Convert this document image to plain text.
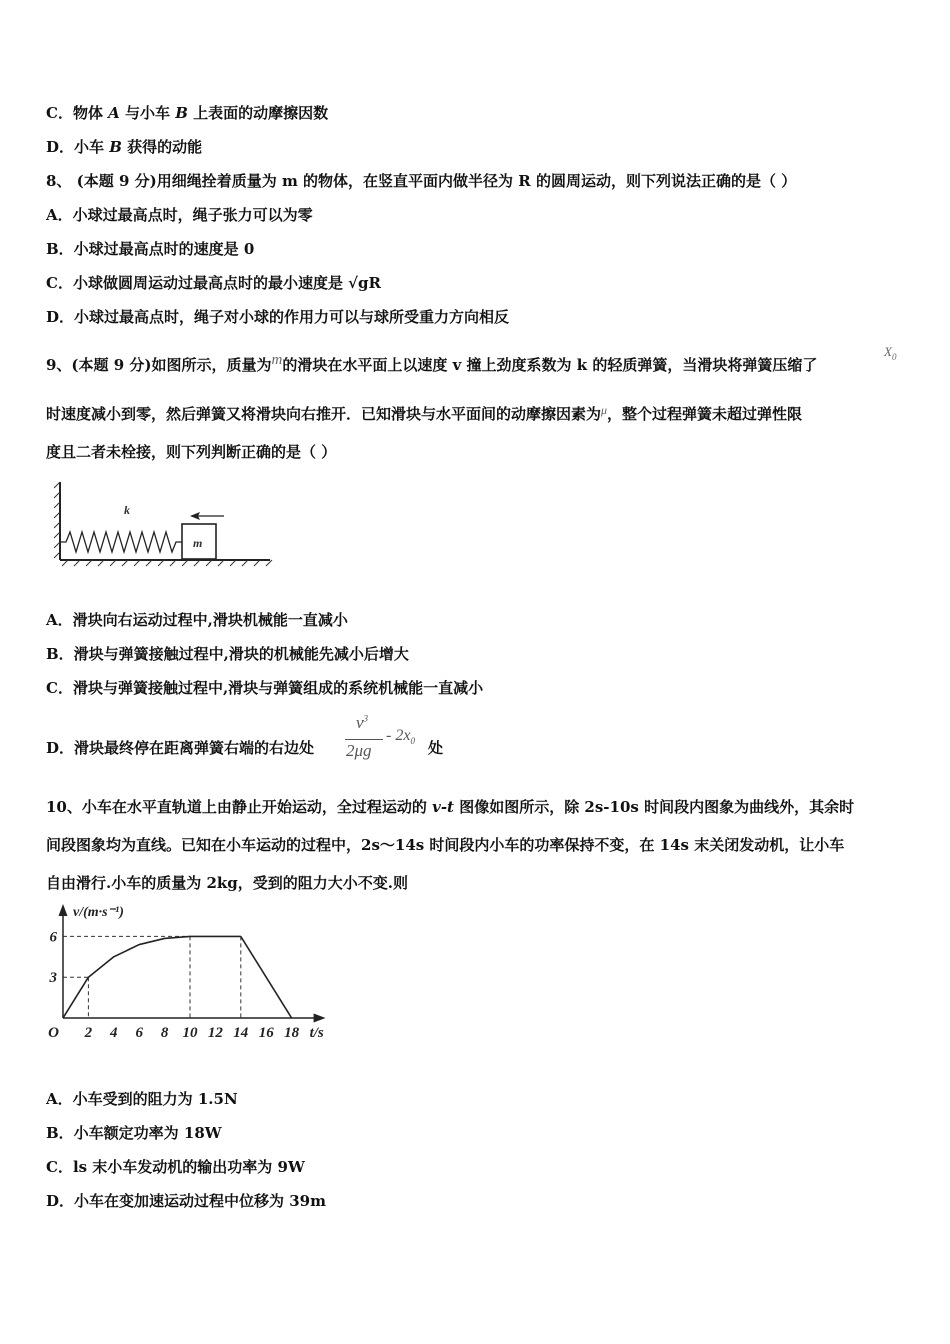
C．物体 A 与小车 B 上表面的动摩擦因数
D．小车 B 获得的动能
8、 (本题 9 分)用细绳拴着质量为 m 的物体，在竖直平面内做半径为 R 的圆周运动，则下列说法正确的是（ ）
A．小球过最高点时，绳子张力可以为零
B．小球过最高点时的速度是 0
C．小球做圆周运动过最高点时的最小速度是 √gR
D．小球过最高点时，绳子对小球的作用力可以与球所受重力方向相反
9、(本题 9 分)如图所示，质量为m的滑块在水平面上以速度 v 撞上劲度系数为 k 的轻质弹簧，当滑块将弹簧压缩了
$X_0$
时速度减小到零，然后弹簧又将滑块向右推开．已知滑块与水平面间的动摩擦因素为$^\mu$，整个过程弹簧未超过弹性限
度且二者未栓接，则下列判断正确的是（ ）
k
m
A．滑块向右运动过程中,滑块机械能一直减小
B．滑块与弹簧接触过程中,滑块的机械能先减小后增大
C．滑块与弹簧接触过程中,滑块与弹簧组成的系统机械能一直减小
D．滑块最终停在距离弹簧右端的右边处
$v^3$
2μg
- $2x_0$ 处
10、小车在水平直轨道上由静止开始运动，全过程运动的 v-t 图像如图所示，除 2s-10s 时间段内图象为曲线外，其余时
间段图象均为直线。已知在小车运动的过程中，2s～14s 时间段内小车的功率保持不变，在 14s 末关闭发动机，让小车
自由滑行.小车的质量为 2kg，受到的阻力大小不变.则
2 4 6 8 10 12 14 16 18
3
6
O
v/(m·s⁻¹)
t/s
A．小车受到的阻力为 1.5N
B．小车额定功率为 18W
C．ls 末小车发动机的输出功率为 9W
D．小车在变加速运动过程中位移为 39m
